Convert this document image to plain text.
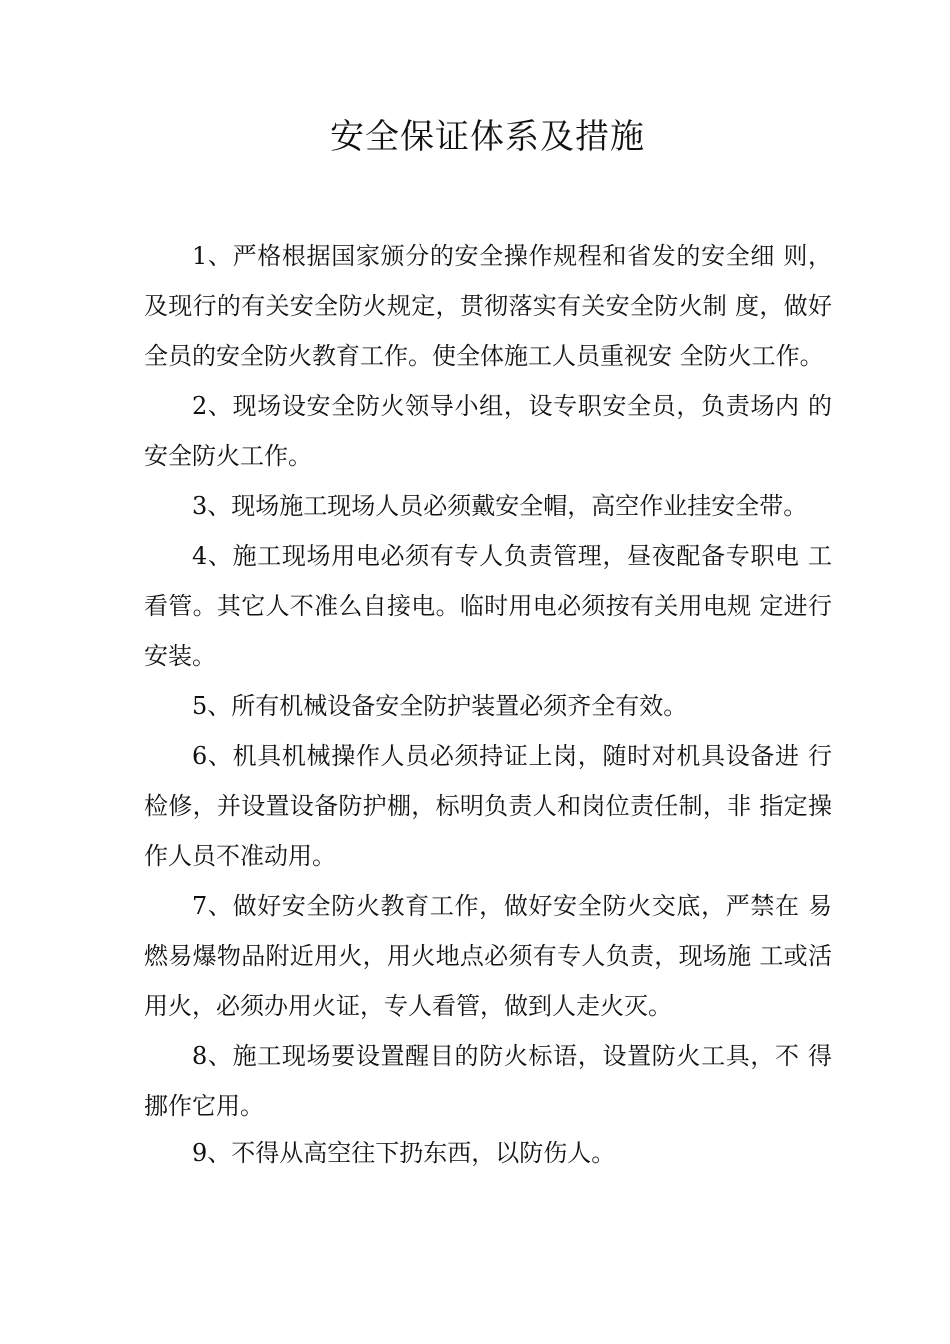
安全保证体系及措施

1、严格根据国家颁分的安全操作规程和省发的安全细 则，及现行的有关安全防火规定，贯彻落实有关安全防火制 度，做好全员的安全防火教育工作。使全体施工人员重视安 全防火工作。

2、现场设安全防火领导小组，设专职安全员，负责场内 的安全防火工作。

3、现场施工现场人员必须戴安全帽，高空作业挂安全带。

4、施工现场用电必须有专人负责管理，昼夜配备专职电 工看管。其它人不准么自接电。临时用电必须按有关用电规 定进行安装。

5、所有机械设备安全防护装置必须齐全有效。

6、机具机械操作人员必须持证上岗，随时对机具设备进 行检修，并设置设备防护棚，标明负责人和岗位责任制，非 指定操作人员不准动用。

7、做好安全防火教育工作，做好安全防火交底，严禁在 易燃易爆物品附近用火，用火地点必须有专人负责，现场施 工或活用火，必须办用火证，专人看管，做到人走火灭。

8、施工现场要设置醒目的防火标语，设置防火工具，不 得挪作它用。

9、不得从高空往下扔东西，以防伤人。
